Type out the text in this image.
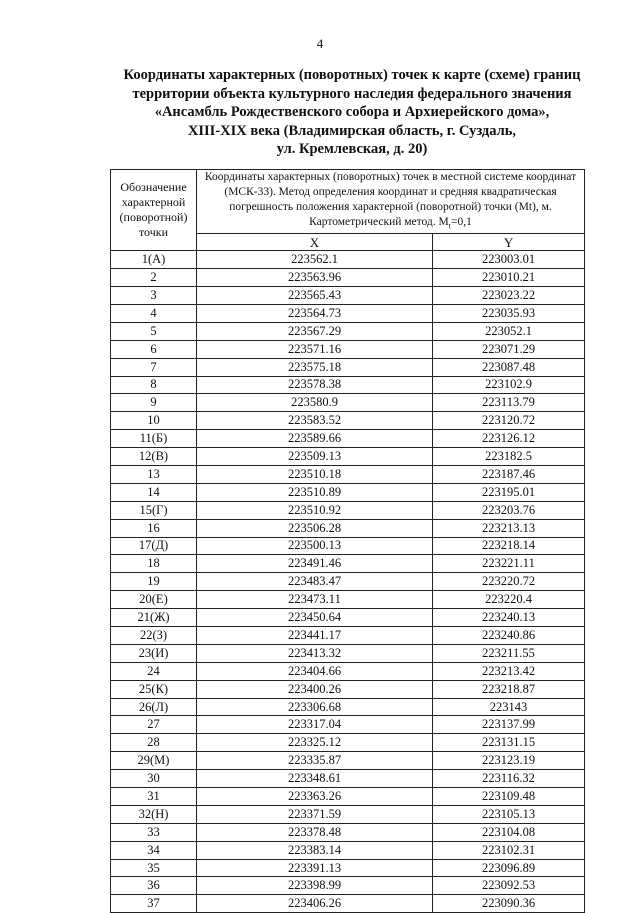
4
Координаты характерных (поворотных) точек к карте (схеме) границ
территории объекта культурного наследия федерального значения
«Ансамбль Рождественского собора и Архиерейского дома»,
XIII-XIX века (Владимирская область, г. Суздаль,
ул. Кремлевская, д. 20)
Обозначение характерной (поворотной) точки	Координаты характерных (поворотных) точек в местной системе координат (МСК-33). Метод определения координат и средняя квадратическая погрешность положения характерной (поворотной) точки (Mt), м. Картометрический метод. $M_t=0,1$	
	X	Y
1(А)	223562.1	223003.01
2	223563.96	223010.21
3	223565.43	223023.22
4	223564.73	223035.93
5	223567.29	223052.1
6	223571.16	223071.29
7	223575.18	223087.48
8	223578.38	223102.9
9	223580.9	223113.79
10	223583.52	223120.72
11(Б)	223589.66	223126.12
12(В)	223509.13	223182.5
13	223510.18	223187.46
14	223510.89	223195.01
15(Г)	223510.92	223203.76
16	223506.28	223213.13
17(Д)	223500.13	223218.14
18	223491.46	223221.11
19	223483.47	223220.72
20(Е)	223473.11	223220.4
21(Ж)	223450.64	223240.13
22(З)	223441.17	223240.86
23(И)	223413.32	223211.55
24	223404.66	223213.42
25(К)	223400.26	223218.87
26(Л)	223306.68	223143
27	223317.04	223137.99
28	223325.12	223131.15
29(М)	223335.87	223123.19
30	223348.61	223116.32
31	223363.26	223109.48
32(Н)	223371.59	223105.13
33	223378.48	223104.08
34	223383.14	223102.31
35	223391.13	223096.89
36	223398.99	223092.53
37	223406.26	223090.36
